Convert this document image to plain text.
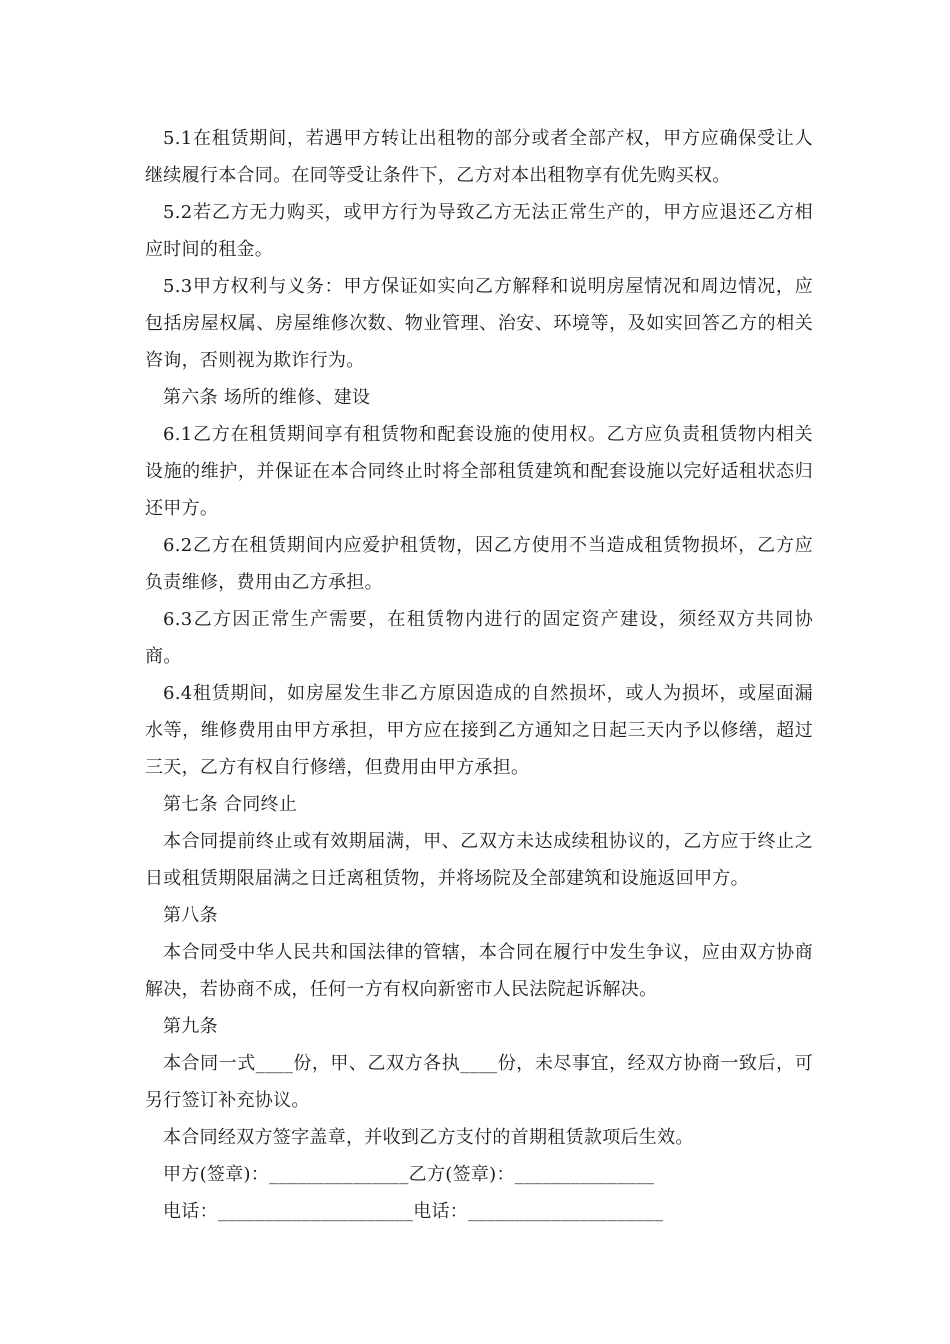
5.1在租赁期间，若遇甲方转让出租物的部分或者全部产权，甲方应确保受让人继续履行本合同。在同等受让条件下，乙方对本出租物享有优先购买权。

5.2若乙方无力购买，或甲方行为导致乙方无法正常生产的，甲方应退还乙方相应时间的租金。

5.3甲方权利与义务：甲方保证如实向乙方解释和说明房屋情况和周边情况，应包括房屋权属、房屋维修次数、物业管理、治安、环境等，及如实回答乙方的相关咨询，否则视为欺诈行为。

第六条 场所的维修、建设

6.1乙方在租赁期间享有租赁物和配套设施的使用权。乙方应负责租赁物内相关设施的维护，并保证在本合同终止时将全部租赁建筑和配套设施以完好适租状态归还甲方。

6.2乙方在租赁期间内应爱护租赁物，因乙方使用不当造成租赁物损坏，乙方应负责维修，费用由乙方承担。

6.3乙方因正常生产需要，在租赁物内进行的固定资产建设，须经双方共同协商。

6.4租赁期间，如房屋发生非乙方原因造成的自然损坏，或人为损坏，或屋面漏水等，维修费用由甲方承担，甲方应在接到乙方通知之日起三天内予以修缮，超过三天，乙方有权自行修缮，但费用由甲方承担。

第七条 合同终止

本合同提前终止或有效期届满，甲、乙双方未达成续租协议的，乙方应于终止之日或租赁期限届满之日迁离租赁物，并将场院及全部建筑和设施返回甲方。

第八条

本合同受中华人民共和国法律的管辖，本合同在履行中发生争议，应由双方协商解决，若协商不成，任何一方有权向新密市人民法院起诉解决。

第九条

本合同一式____份，甲、乙双方各执____份，未尽事宜，经双方协商一致后，可另行签订补充协议。

本合同经双方签字盖章，并收到乙方支付的首期租赁款项后生效。

甲方(签章)：_______________乙方(签章)：_______________

电话：_____________________电话：_____________________
